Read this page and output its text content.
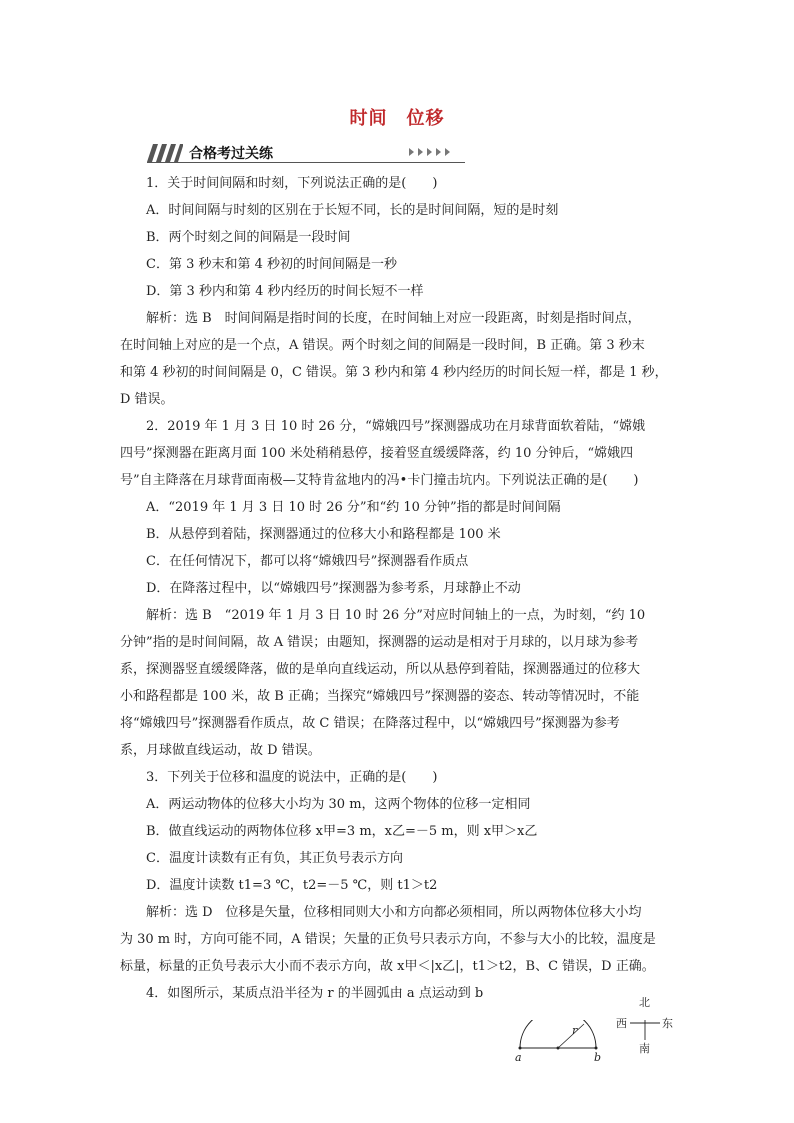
时间　位移
合格考过关练
1．关于时间间隔和时刻，下列说法正确的是(　　)
A．时间间隔与时刻的区别在于长短不同，长的是时间间隔，短的是时刻
B．两个时刻之间的间隔是一段时间
C．第 3 秒末和第 4 秒初的时间间隔是一秒
D．第 3 秒内和第 4 秒内经历的时间长短不一样
解析：选 B　时间间隔是指时间的长度，在时间轴上对应一段距离，时刻是指时间点，
在时间轴上对应的是一个点，A 错误。两个时刻之间的间隔是一段时间，B 正确。第 3 秒末
和第 4 秒初的时间间隔是 0，C 错误。第 3 秒内和第 4 秒内经历的时间长短一样，都是 1 秒，
D 错误。
2．2019 年 1 月 3 日 10 时 26 分，“嫦娥四号”探测器成功在月球背面软着陆，“嫦娥
四号”探测器在距离月面 100 米处稍稍悬停，接着竖直缓缓降落，约 10 分钟后，“嫦娥四
号”自主降落在月球背面南极—艾特肯盆地内的冯•卡门撞击坑内。下列说法正确的是(　　)
A．“2019 年 1 月 3 日 10 时 26 分”和“约 10 分钟”指的都是时间间隔
B．从悬停到着陆，探测器通过的位移大小和路程都是 100 米
C．在任何情况下，都可以将“嫦娥四号”探测器看作质点
D．在降落过程中，以“嫦娥四号”探测器为参考系，月球静止不动
解析：选 B　“2019 年 1 月 3 日 10 时 26 分”对应时间轴上的一点，为时刻，“约 10
分钟”指的是时间间隔，故 A 错误；由题知，探测器的运动是相对于月球的，以月球为参考
系，探测器竖直缓缓降落，做的是单向直线运动，所以从悬停到着陆，探测器通过的位移大
小和路程都是 100 米，故 B 正确；当探究“嫦娥四号”探测器的姿态、转动等情况时，不能
将“嫦娥四号”探测器看作质点，故 C 错误；在降落过程中，以“嫦娥四号”探测器为参考
系，月球做直线运动，故 D 错误。
3．下列关于位移和温度的说法中，正确的是(　　)
A．两运动物体的位移大小均为 30 m，这两个物体的位移一定相同
B．做直线运动的两物体位移 x甲=3 m，x乙=－5 m，则 x甲＞x乙
C．温度计读数有正有负，其正负号表示方向
D．温度计读数 t1=3 ℃，t2=－5 ℃，则 t1＞t2
解析：选 D　位移是矢量，位移相同则大小和方向都必须相同，所以两物体位移大小均
为 30 m 时，方向可能不同，A 错误；矢量的正负号只表示方向，不参与大小的比较，温度是
标量，标量的正负号表示大小而不表示方向，故 x甲＜|x乙|，t1＞t2，B、C 错误，D 正确。
4．如图所示，某质点沿半径为 r 的半圆弧由 a 点运动到 b
r
a	b
北
南
东
西
